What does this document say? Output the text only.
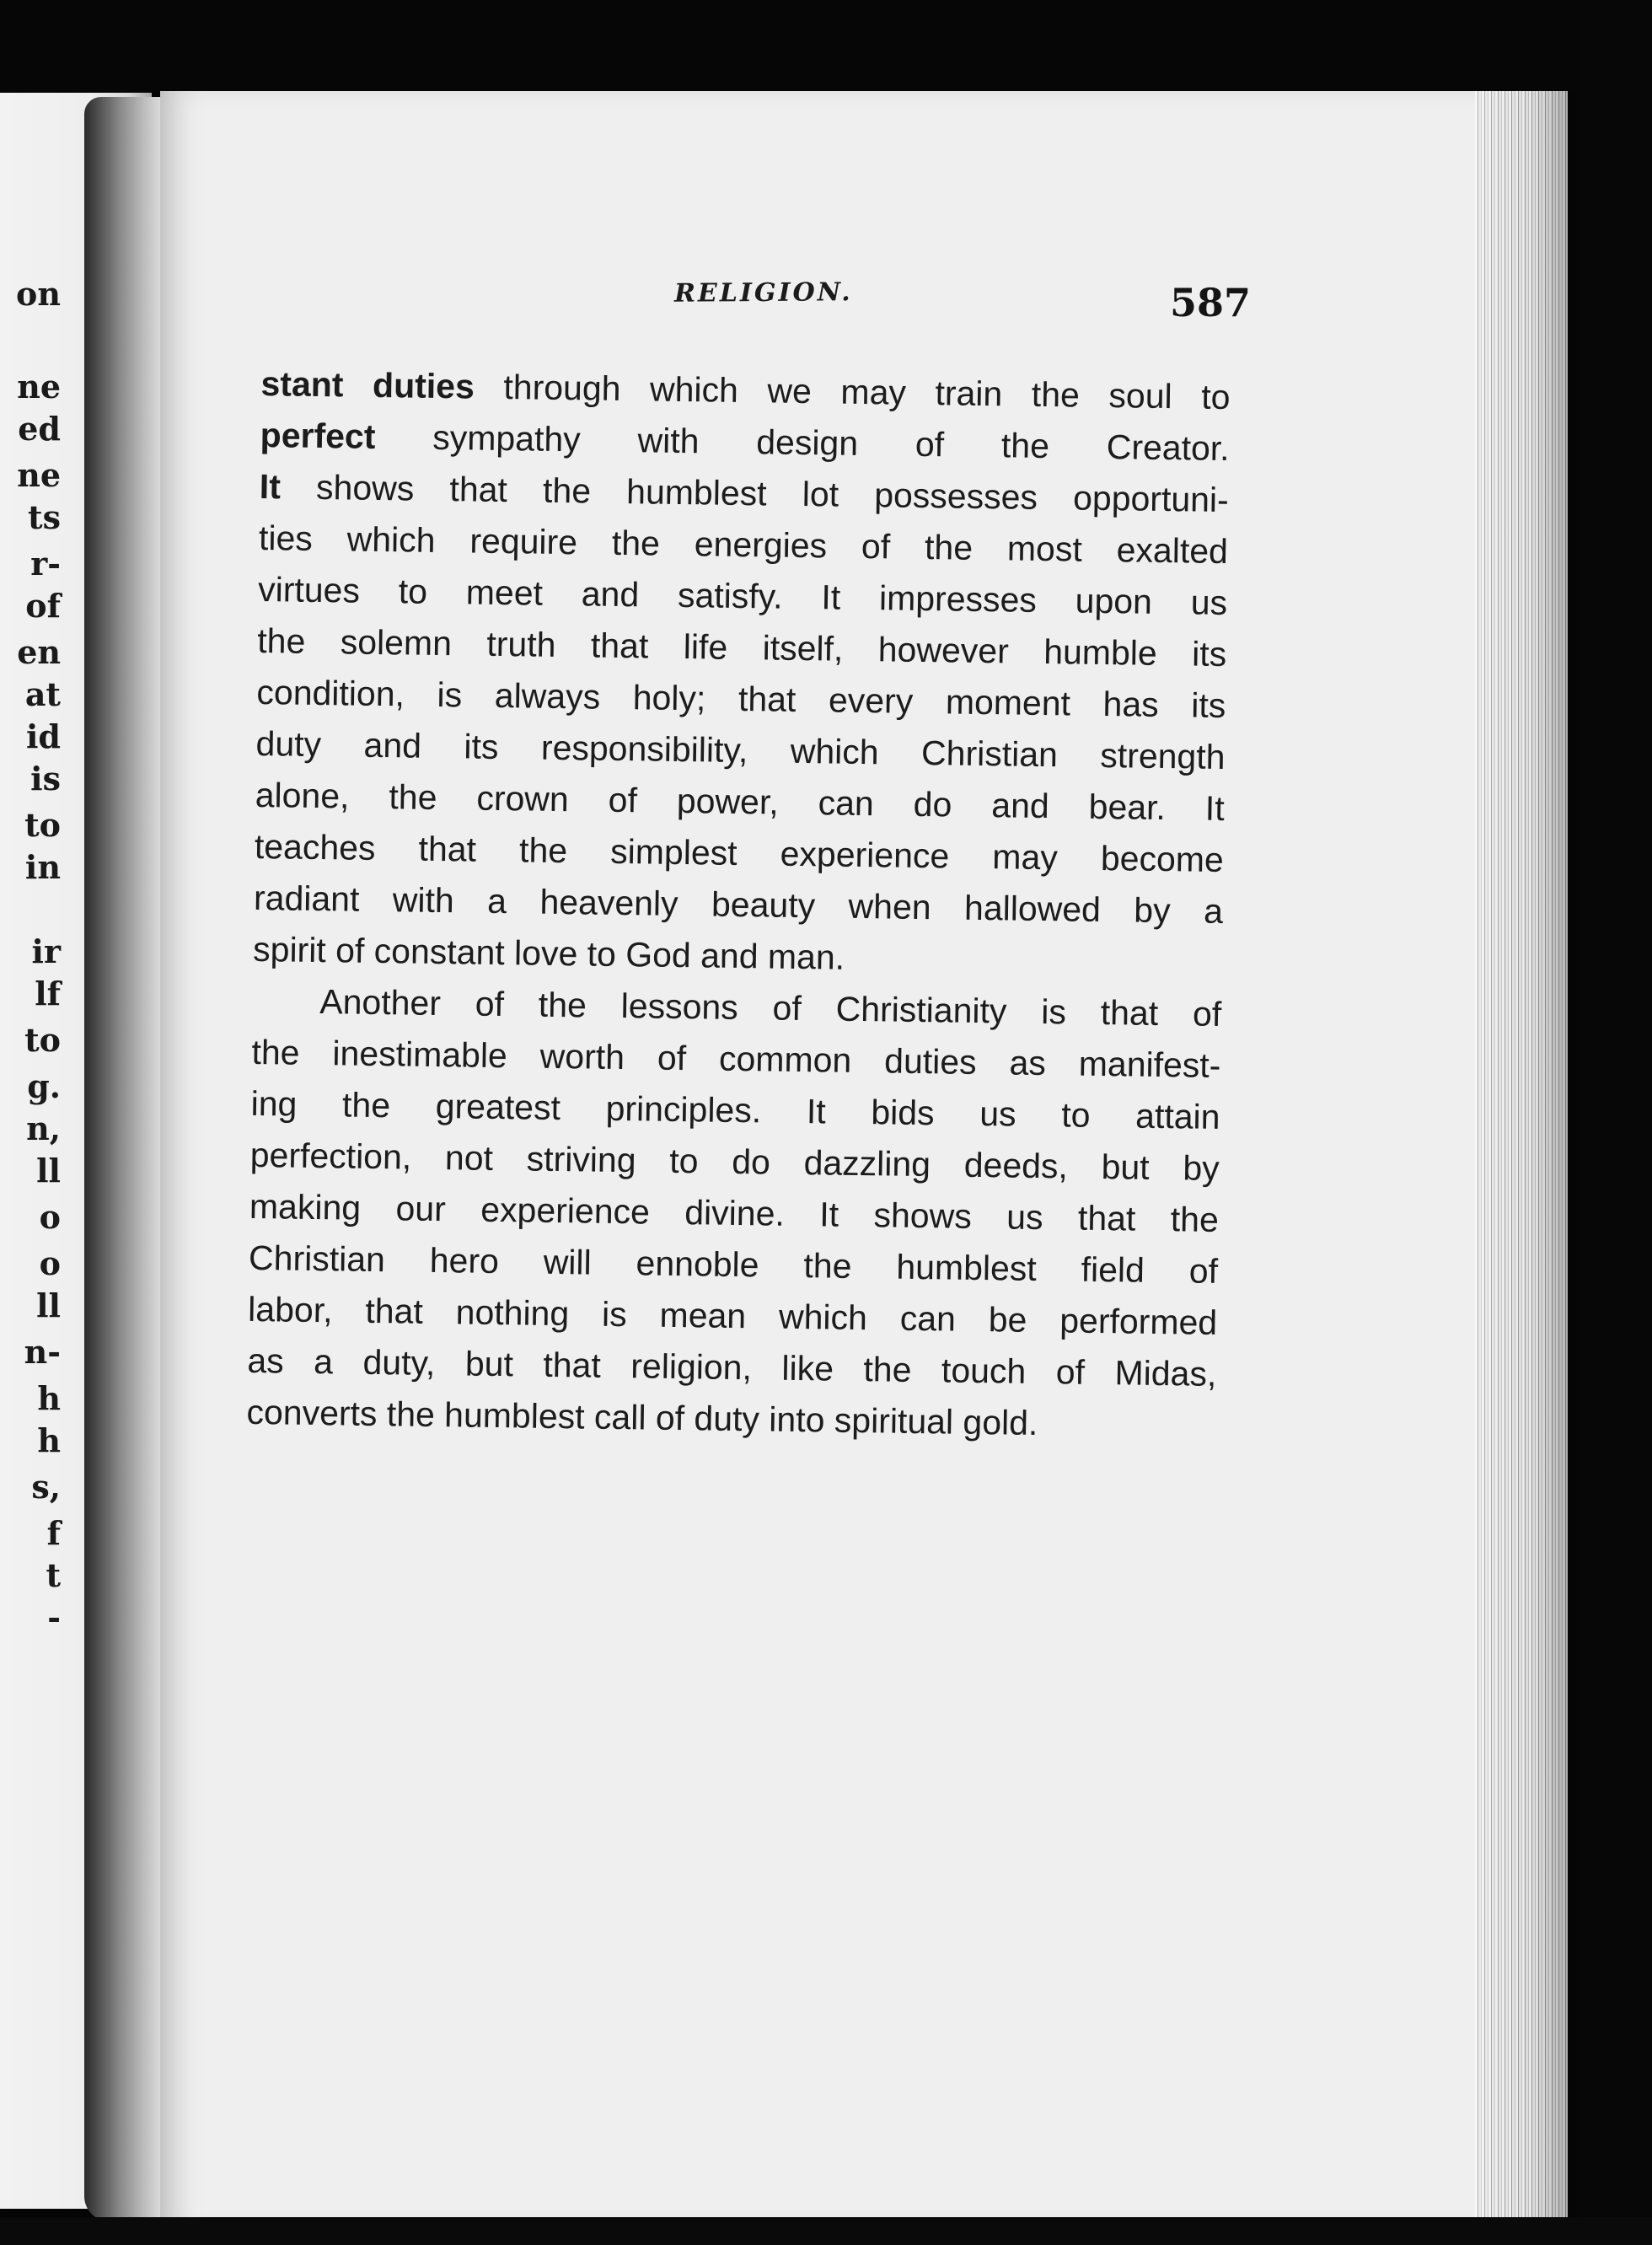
on
ne
ed
ne
ts
r-
of
en
at
id
is
to
in
ir
lf
to
g.
n,
ll
o
o
ll
n-
h
h
s,
f
t
-
RELIGION.	587
stant duties through which we may train the soul to
perfect sympathy with design of the Creator.
It shows that the humblest lot possesses opportuni-
ties which require the energies of the most exalted
virtues to meet and satisfy. It impresses upon us
the solemn truth that life itself, however humble its
condition, is always holy; that every moment has its
duty and its responsibility, which Christian strength
alone, the crown of power, can do and bear. It
teaches that the simplest experience may become
radiant with a heavenly beauty when hallowed by a
spirit of constant love to God and man.
Another of the lessons of Christianity is that of
the inestimable worth of common duties as manifest-
ing the greatest principles. It bids us to attain
perfection, not striving to do dazzling deeds, but by
making our experience divine. It shows us that the
Christian hero will ennoble the humblest field of
labor, that nothing is mean which can be performed
as a duty, but that religion, like the touch of Midas,
converts the humblest call of duty into spiritual gold.
